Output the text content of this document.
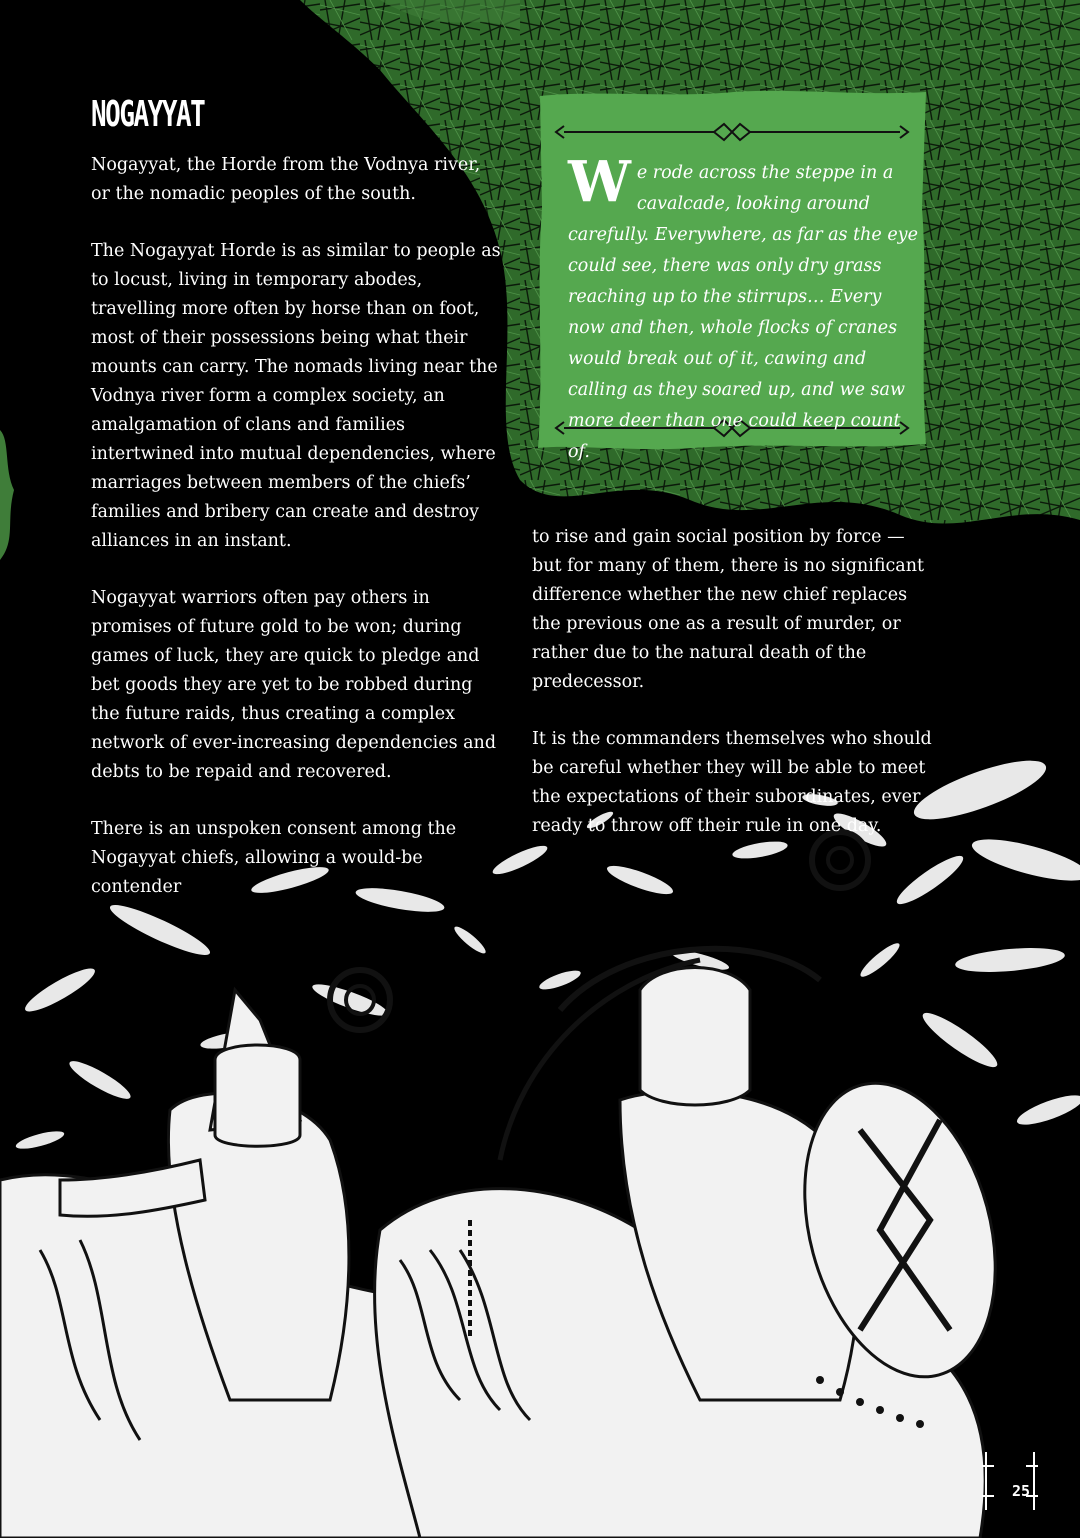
NOGAYYAT

Nogayyat, the Horde from the Vodnya river, or the nomadic peoples of the south.

The Nogayyat Horde is as similar to people as to locust, living in temporary abodes, travelling more often by horse than on foot, most of their possessions being what their mounts can carry. The nomads living near the Vodnya river form a complex society, an amalgamation of clans and families intertwined into mutual dependencies, where marriages between members of the chiefs’ families and bribery can create and destroy alliances in an instant.

Nogayyat warriors often pay others in promises of future gold to be won; during games of luck, they are quick to pledge and bet goods they are yet to be robbed during the future raids, thus creating a complex network of ever-increasing dependencies and debts to be repaid and recovered.

There is an unspoken consent among the Nogayyat chiefs, allowing a would-be contender

We rode across the steppe in a cavalcade, looking around carefully. Everywhere, as far as the eye could see, there was only dry grass reaching up to the stirrups… Every now and then, whole flocks of cranes would break out of it, cawing and calling as they soared up, and we saw more deer than one could keep count of.

to rise and gain social position by force — but for many of them, there is no significant difference whether the new chief replaces the previous one as a result of murder, or rather due to the natural death of the predecessor.

It is the commanders themselves who should be careful whether they will be able to meet the expectations of their subordinates, ever ready to throw off their rule in one day.

25
